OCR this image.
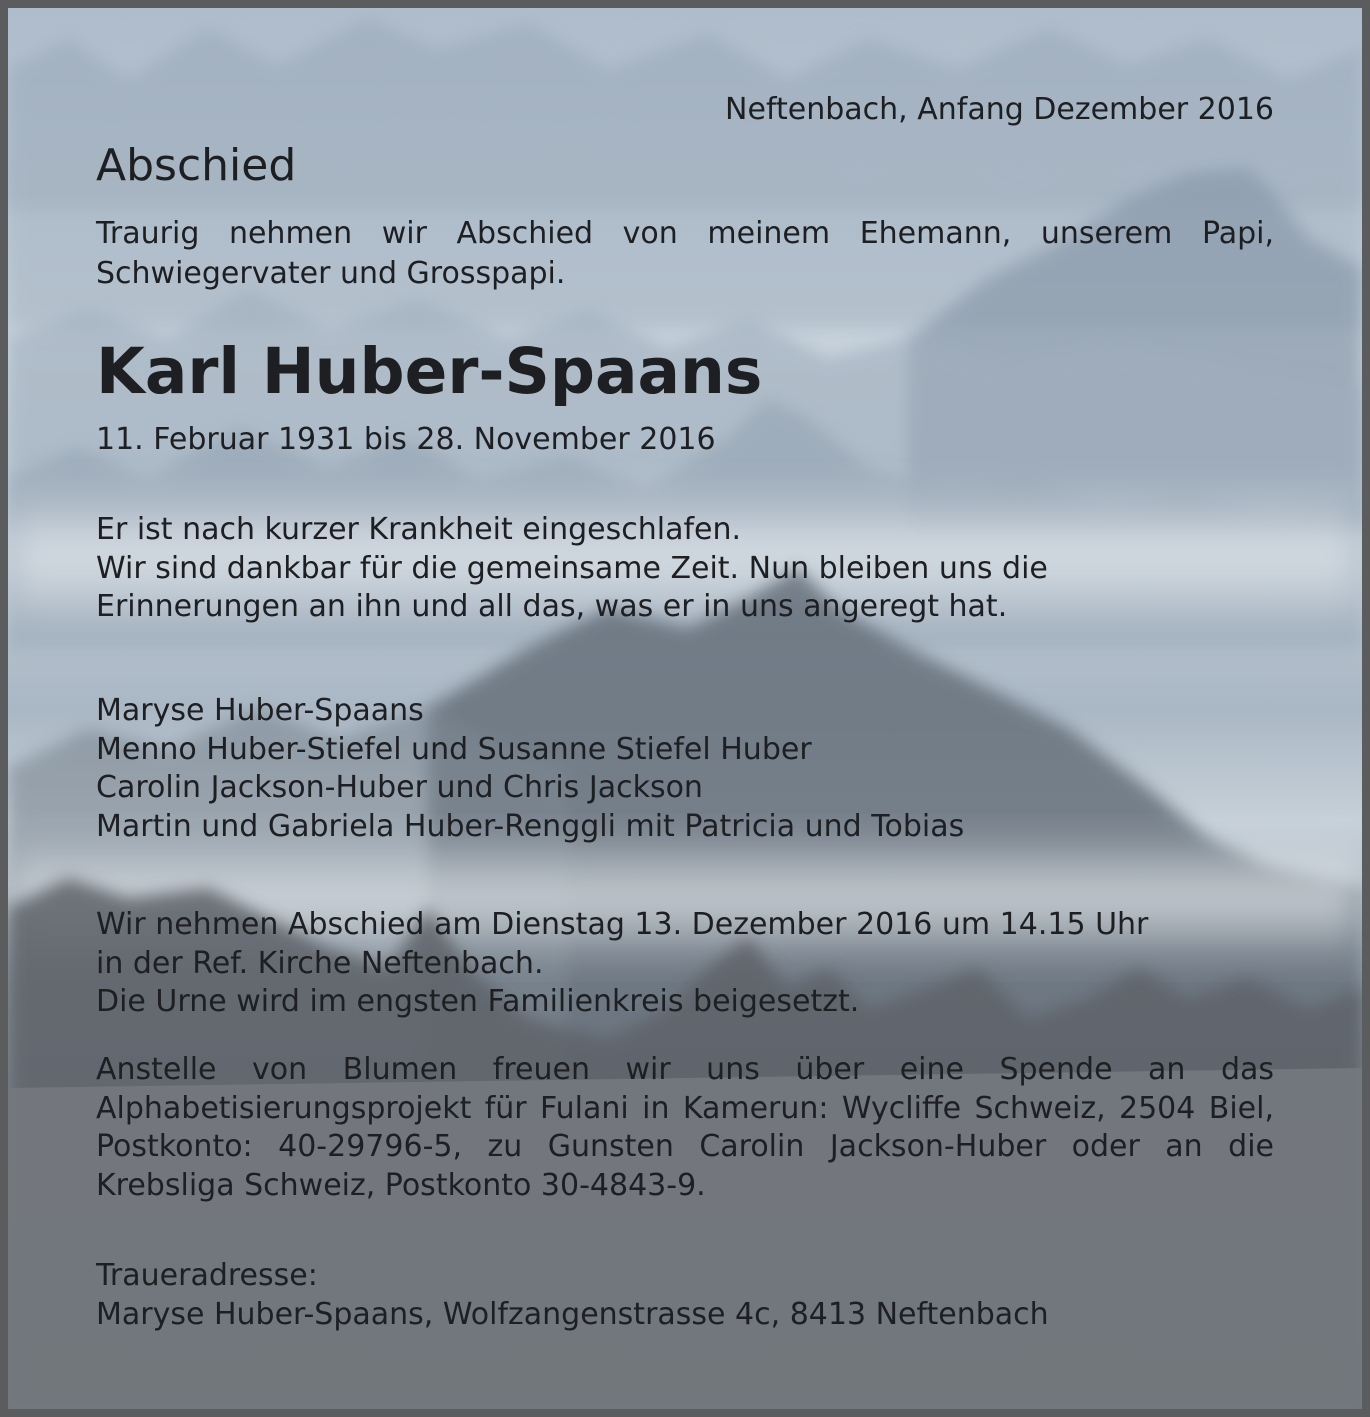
Neftenbach, Anfang Dezember 2016
Abschied
Traurig nehmen wir Abschied von meinem Ehemann, unserem Papi, Schwiegervater und Grosspapi.
Karl Huber-Spaans
11. Februar 1931 bis 28. November 2016
Er ist nach kurzer Krankheit eingeschlafen.
Wir sind dankbar für die gemeinsame Zeit. Nun bleiben uns die
Erinnerungen an ihn und all das, was er in uns angeregt hat.
Maryse Huber-Spaans
Menno Huber-Stiefel und Susanne Stiefel Huber
Carolin Jackson-Huber und Chris Jackson
Martin und Gabriela Huber-Renggli mit Patricia und Tobias
Wir nehmen Abschied am Dienstag 13. Dezember 2016 um 14.15 Uhr
in der Ref. Kirche Neftenbach.
Die Urne wird im engsten Familienkreis beigesetzt.
Anstelle von Blumen freuen wir uns über eine Spende an das Alphabetisierungsprojekt für Fulani in Kamerun: Wycliffe Schweiz, 2504 Biel, Postkonto: 40-29796-5, zu Gunsten Carolin Jackson-Huber oder an die Krebsliga Schweiz, Postkonto 30-4843-9.
Traueradresse:
Maryse Huber-Spaans, Wolfzangenstrasse 4c, 8413 Neftenbach
